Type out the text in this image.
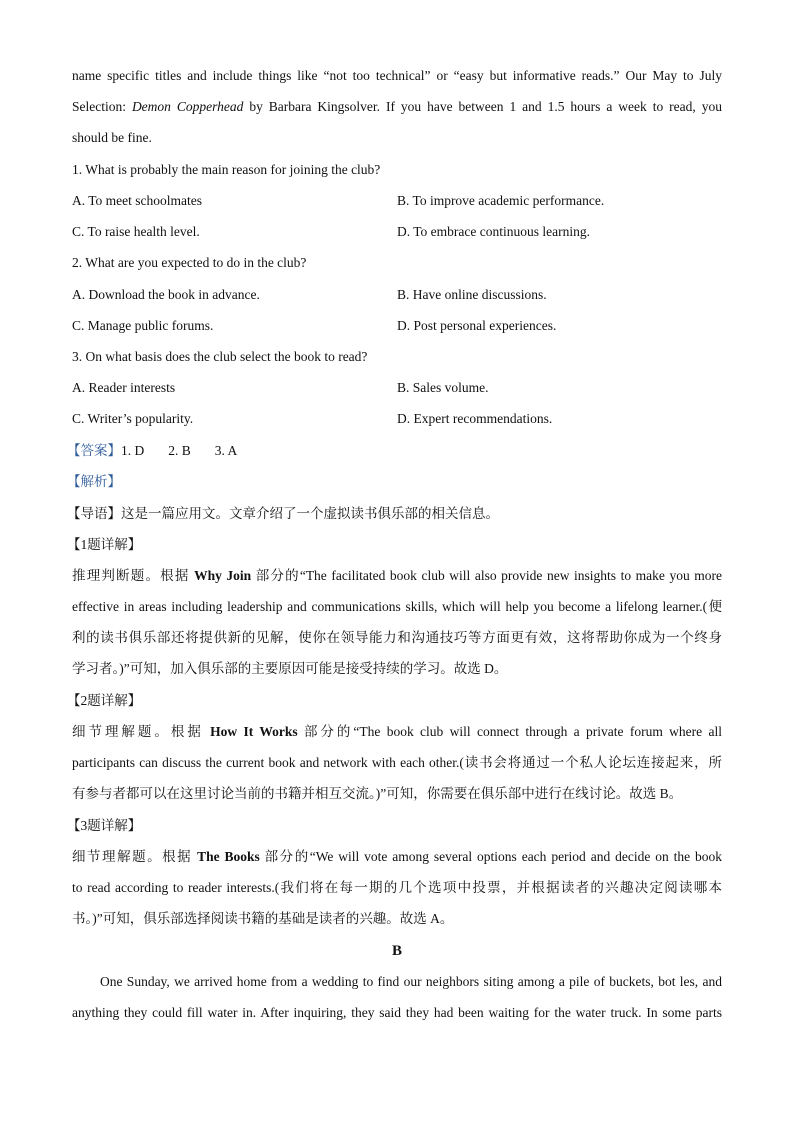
name specific titles and include things like “not too technical” or “easy but informative reads.” Our May to July
Selection: Demon Copperhead by Barbara Kingsolver. If you have between 1 and 1.5 hours a week to read, you
should be fine.
1. What is probably the main reason for joining the club?
A. To meet schoolmates	B. To improve academic performance.
C. To raise health level.	D. To embrace continuous learning.
2. What are you expected to do in the club?
A. Download the book in advance.	B. Have online discussions.
C. Manage public forums.	D. Post personal experiences.
3. On what basis does the club select the book to read?
A. Reader interests	B. Sales volume.
C. Writer’s popularity.	D. Expert recommendations.
【答案】1. D 2. B 3. A
【解析】
【导语】这是一篇应用文。文章介绍了一个虚拟读书俱乐部的相关信息。
【1题详解】
推理判断题。根据 Why Join 部分的“The facilitated book club will also provide new insights to make you more
effective in areas including leadership and communications skills, which will help you become a lifelong learner.(便
利的读书俱乐部还将提供新的见解，使你在领导能力和沟通技巧等方面更有效，这将帮助你成为一个终身
学习者。)”可知，加入俱乐部的主要原因可能是接受持续的学习。故选 D。
【2题详解】
细节理解题。根据 How It Works 部分的“The book club will connect through a private forum where all
participants can discuss the current book and network with each other.(读书会将通过一个私人论坛连接起来，所
有参与者都可以在这里讨论当前的书籍并相互交流。)”可知，你需要在俱乐部中进行在线讨论。故选 B。
【3题详解】
细节理解题。根据 The Books 部分的“We will vote among several options each period and decide on the book
to read according to reader interests.(我们将在每一期的几个选项中投票，并根据读者的兴趣决定阅读哪本
书。)”可知，俱乐部选择阅读书籍的基础是读者的兴趣。故选 A。
B
One Sunday, we arrived home from a wedding to find our neighbors siting among a pile of buckets, bot les, and
anything they could fill water in. After inquiring, they said they had been waiting for the water truck. In some parts
